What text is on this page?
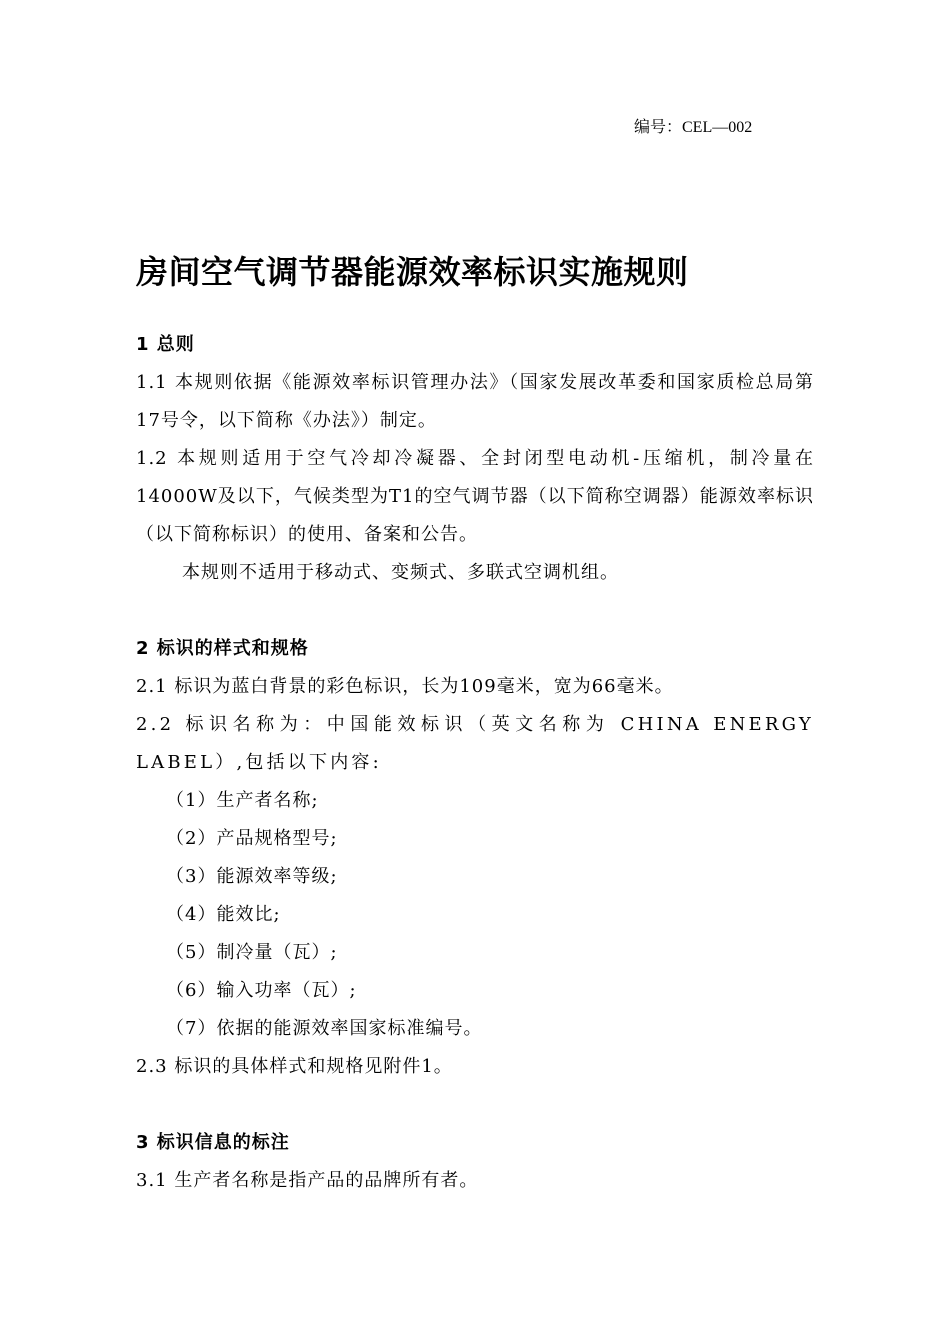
编号：CEL—002
房间空气调节器能源效率标识实施规则
1 总则

1.1 本规则依据《能源效率标识管理办法》（国家发展改革委和国家质检总局第17号令，以下简称《办法》）制定。

1.2 本规则适用于空气冷却冷凝器、全封闭型电动机-压缩机，制冷量在14000W及以下，气候类型为T1的空气调节器（以下简称空调器）能源效率标识（以下简称标识）的使用、备案和公告。

本规则不适用于移动式、变频式、多联式空调机组。

2 标识的样式和规格

2.1 标识为蓝白背景的彩色标识，长为109毫米，宽为66毫米。

2.2 标识名称为：中国能效标识（英文名称为 CHINA ENERGY LABEL）,包括以下内容:

（1）生产者名称;
（2）产品规格型号;
（3）能源效率等级;
（4）能效比;
（5）制冷量（瓦）;
（6）输入功率（瓦）;
（7）依据的能源效率国家标准编号。

2.3 标识的具体样式和规格见附件1。

3 标识信息的标注

3.1 生产者名称是指产品的品牌所有者。
